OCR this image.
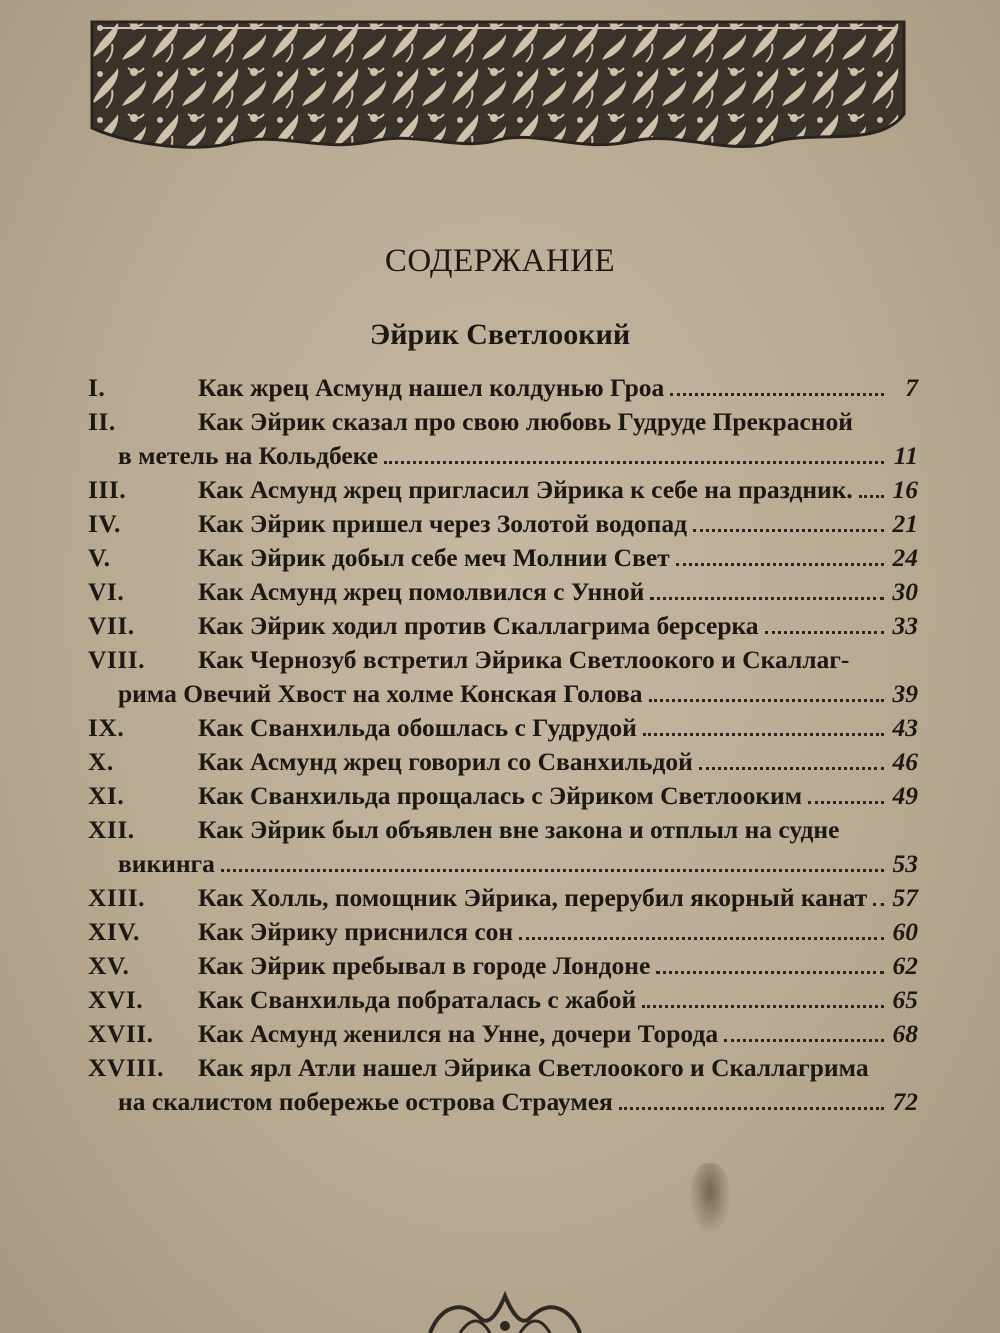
СОДЕРЖАНИЕ
Эйрик Светлоокий
I.	Как жрец Асмунд нашел колдунью Гроа	7
II.	Как Эйрик сказал про свою любовь Гудруде Прекрасной
в метель на Кольдбеке	11
III.	Как Асмунд жрец пригласил Эйрика к себе на праздник. 16
IV.	Как Эйрик пришел через Золотой водопад	21
V.	Как Эйрик добыл себе меч Молнии Свет	24
VI.	Как Асмунд жрец помолвился с Унной	30
VII.	Как Эйрик ходил против Скаллагрима берсерка	33
VIII.	Как Чернозуб встретил Эйрика Светлоокого и Скаллаг-
рима Овечий Хвост на холме Конская Голова	39
IX.	Как Сванхильда обошлась с Гудрудой	43
X.	Как Асмунд жрец говорил со Сванхильдой	46
XI.	Как Сванхильда прощалась с Эйриком Светлооким	49
XII.	Как Эйрик был объявлен вне закона и отплыл на судне
викинга	53
XIII.	Как Холль, помощник Эйрика, перерубил якорный канат 57
XIV.	Как Эйрику приснился сон	60
XV.	Как Эйрик пребывал в городе Лондоне	62
XVI.	Как Сванхильда побраталась с жабой	65
XVII.	Как Асмунд женился на Унне, дочери Торода	68
XVIII.	Как ярл Атли нашел Эйрика Светлоокого и Скаллагрима
на скалистом побережье острова Страумея	72
